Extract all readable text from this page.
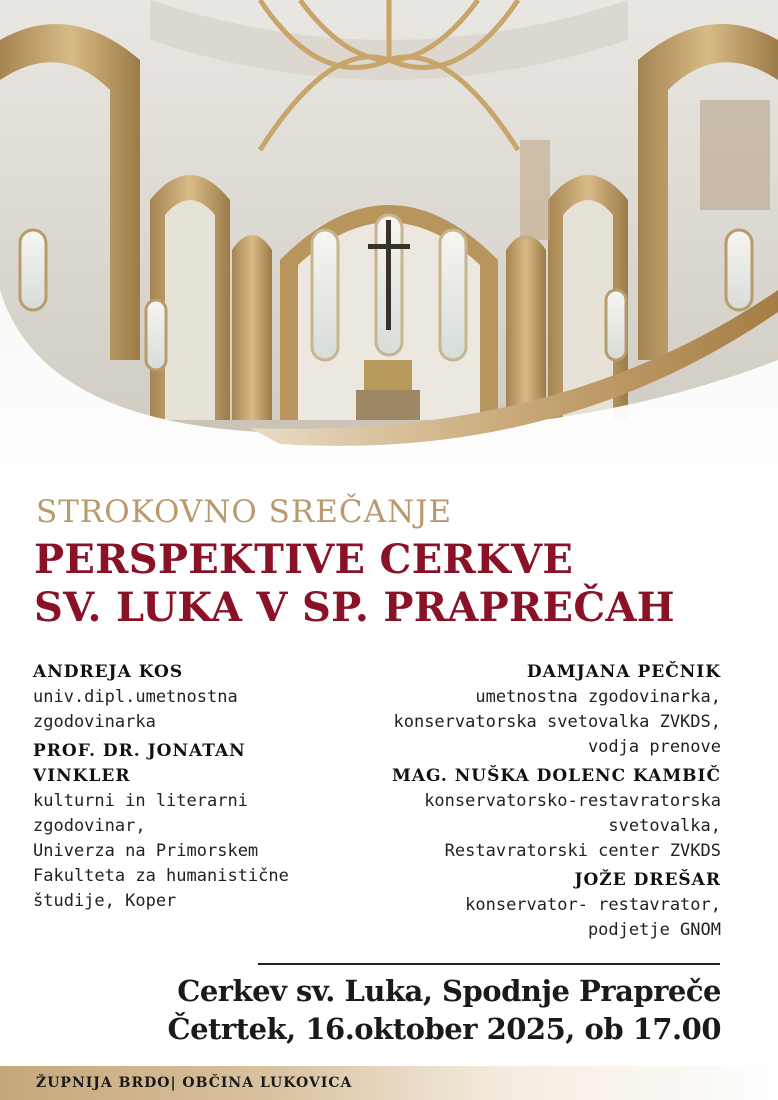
STROKOVNO SREČANJE
PERSPEKTIVE CERKVE
SV. LUKA V SP. PRAPREČAH
ANDREJA KOS
univ.dipl.umetnostna
zgodovinarka
PROF. DR. JONATAN
VINKLER
kulturni in literarni
zgodovinar,
Univerza na Primorskem
Fakulteta za humanistične
študije, Koper
DAMJANA PEČNIK
umetnostna zgodovinarka,
konservatorska svetovalka ZVKDS,
vodja prenove
MAG. NUŠKA DOLENC KAMBIČ
konservatorsko-restavratorska
svetovalka,
Restavratorski center ZVKDS
JOŽE DREŠAR
konservator- restavrator,
podjetje GNOM
Cerkev sv. Luka, Spodnje Prapreče
Četrtek, 16.oktober 2025, ob 17.00
ŽUPNIJA BRDO| OBČINA LUKOVICA
